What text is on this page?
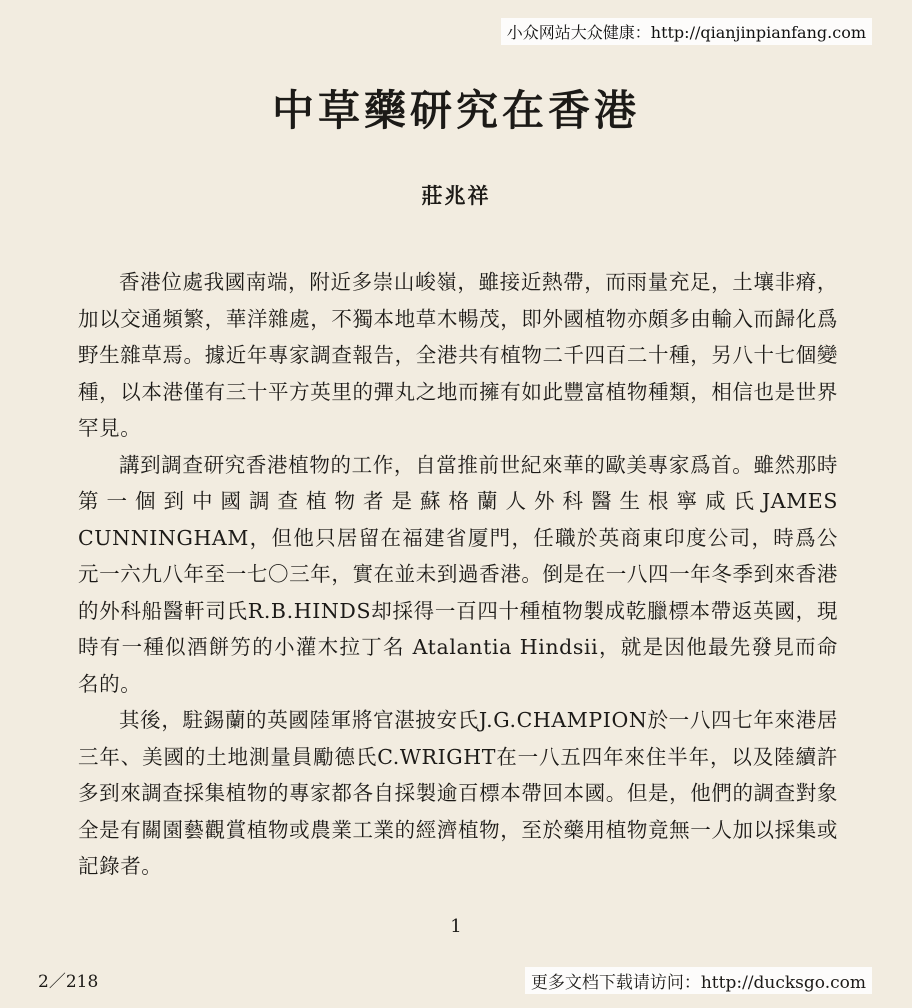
小众网站大众健康：http://qianjinpianfang.com
中草藥研究在香港
莊兆祥

香港位處我國南端，附近多崇山峻嶺，雖接近熱帶，而雨量充足，土壤非瘠，加以交通頻繁，華洋雜處，不獨本地草木暢茂，即外國植物亦頗多由輸入而歸化爲野生雜草焉。據近年專家調查報告，全港共有植物二千四百二十種，另八十七個變種，以本港僅有三十平方英里的彈丸之地而擁有如此豐富植物種類，相信也是世界罕見。

講到調查研究香港植物的工作，自當推前世紀來華的歐美專家爲首。雖然那時第一個到中國調查植物者是蘇格蘭人外科醫生根寧咸氏JAMES CUNNINGHAM，但他只居留在福建省厦門，任職於英商東印度公司，時爲公元一六九八年至一七〇三年，實在並未到過香港。倒是在一八四一年冬季到來香港的外科船醫軒司氏R.B.HINDS却採得一百四十種植物製成乾臘標本帶返英國，現時有一種似酒餅竻的小灌木拉丁名 Atalantia Hindsii，就是因他最先發見而命名的。

其後，駐錫蘭的英國陸軍將官湛披安氏J.G.CHAMPION於一八四七年來港居三年、美國的土地測量員勵德氏C.WRIGHT在一八五四年來住半年，以及陸續許多到來調查採集植物的專家都各自採製逾百標本帶回本國。但是，他們的調查對象全是有關園藝觀賞植物或農業工業的經濟植物，至於藥用植物竟無一人加以採集或記錄者。

1
2／218	更多文档下载请访问：http://ducksgo.com
